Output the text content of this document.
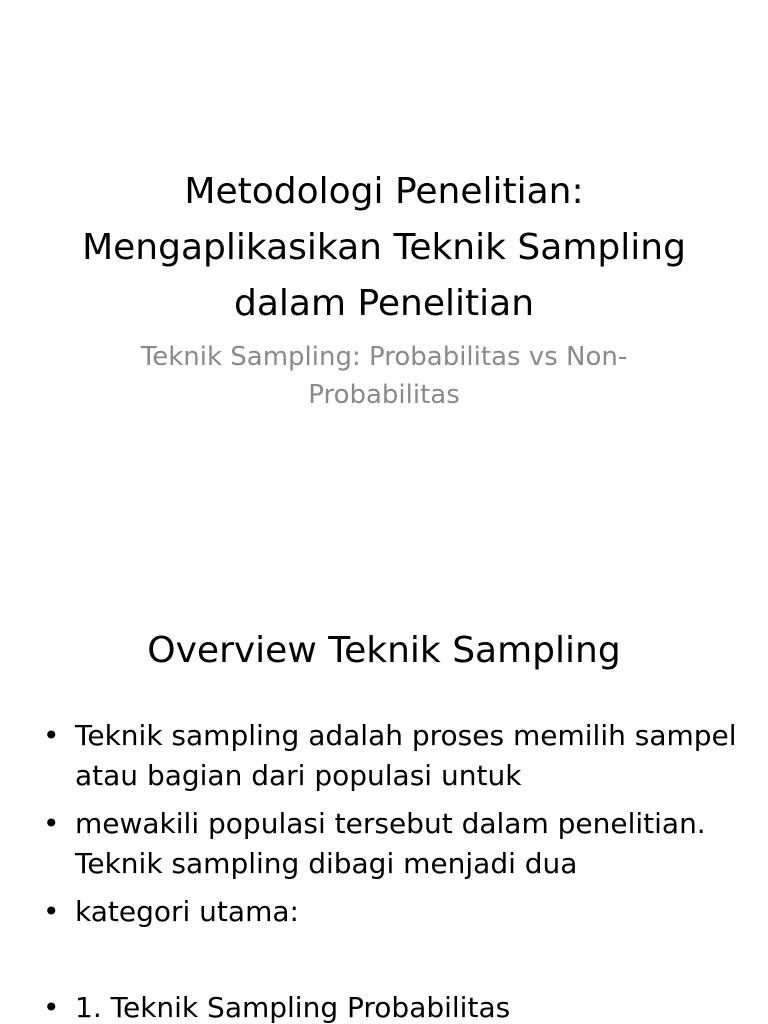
Metodologi Penelitian:
Mengaplikasikan Teknik Sampling
dalam Penelitian

Teknik Sampling: Probabilitas vs Non-
Probabilitas

Overview Teknik Sampling
• Teknik sampling adalah proses memilih sampel atau bagian dari populasi untuk
• mewakili populasi tersebut dalam penelitian. Teknik sampling dibagi menjadi dua
• kategori utama:
• 1. Teknik Sampling Probabilitas
